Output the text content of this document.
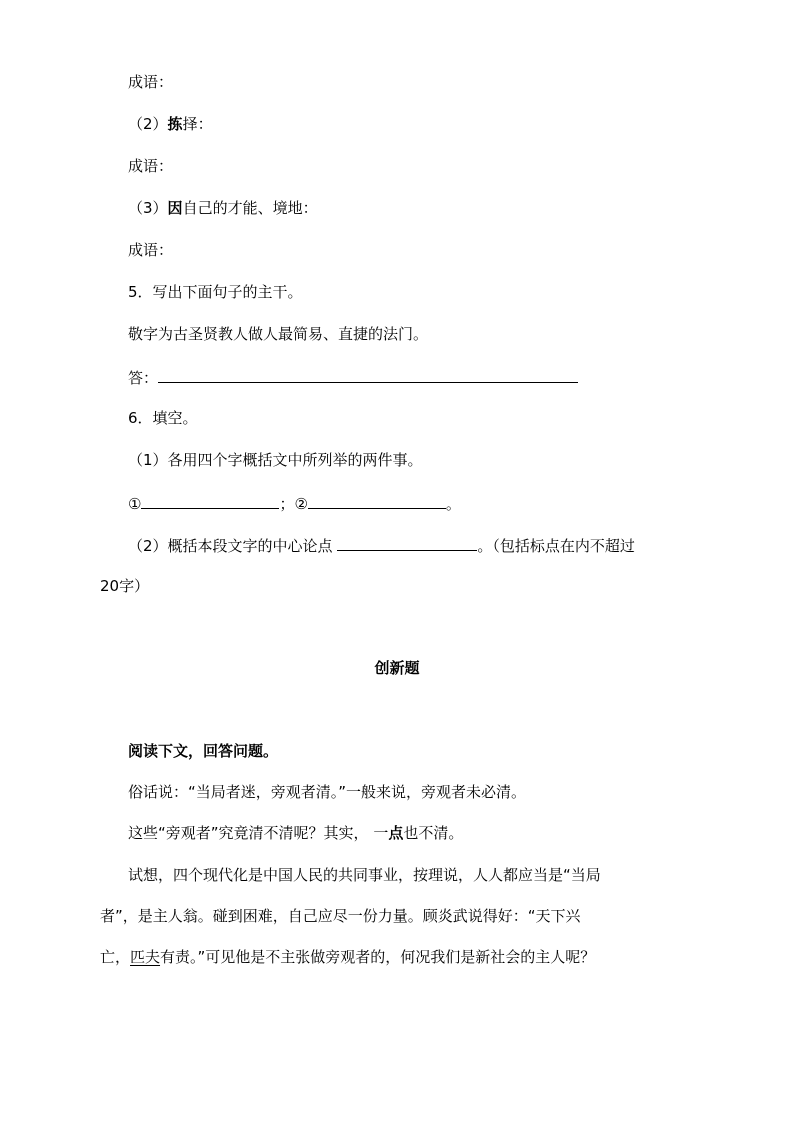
成语：
（2）拣择：
成语：
（3）因自己的才能、境地：
成语：
5．写出下面句子的主干。
敬字为古圣贤教人做人最简易、直捷的法门。
答：
6．填空。
（1）各用四个字概括文中所列举的两件事。
①	；②	。
（2）概括本段文字的中心论点	。（包括标点在内不超过
20字）
创新题
阅读下文，回答问题。
俗话说：“当局者迷，旁观者清。”一般来说，旁观者未必清。
这些“旁观者”究竟清不清呢？其实， 一点也不清。
试想，四个现代化是中国人民的共同事业，按理说，人人都应当是“当局
者”，是主人翁。碰到困难，自己应尽一份力量。顾炎武说得好：“天下兴
亡，匹夫有责。”可见他是不主张做旁观者的，何况我们是新社会的主人呢？
